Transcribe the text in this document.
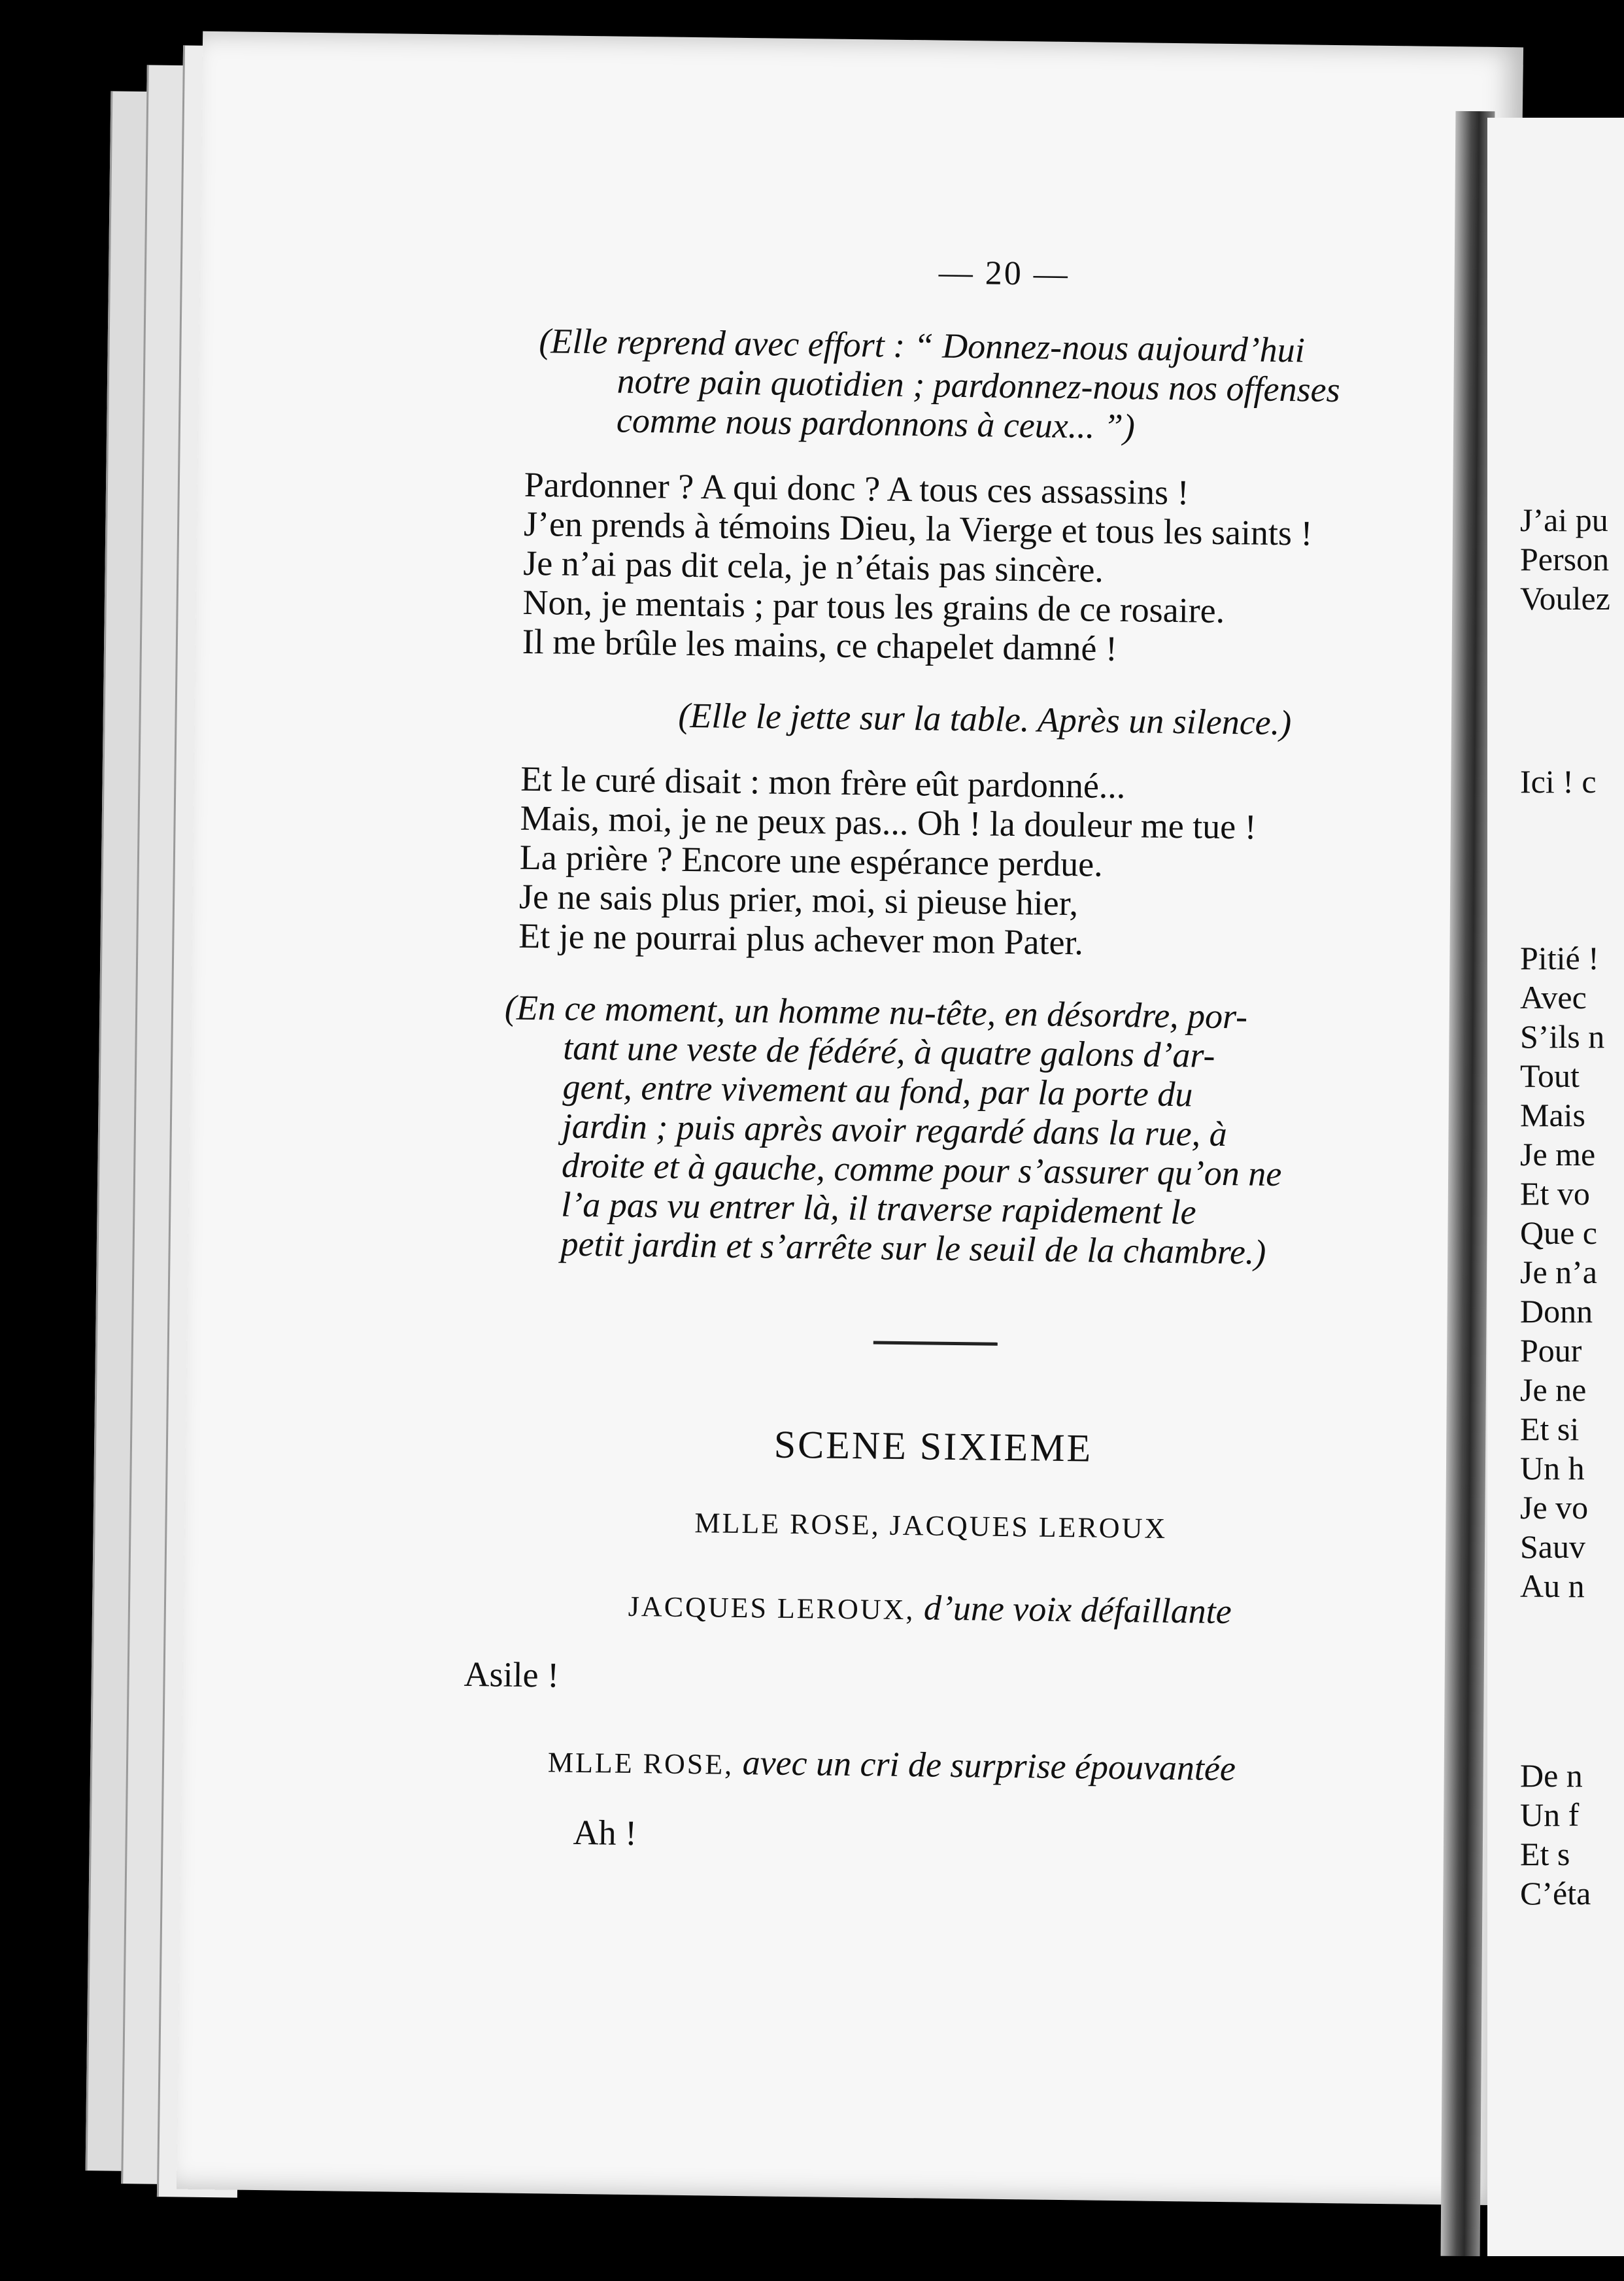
— 20 —
(Elle reprend avec effort : “ Donnez-nous aujourd’hui
notre pain quotidien ; pardonnez-nous nos offenses
comme nous pardonnons à ceux... ”)
Pardonner ? A qui donc ? A tous ces assassins !
J’en prends à témoins Dieu, la Vierge et tous les saints !
Je n’ai pas dit cela, je n’étais pas sincère.
Non, je mentais ; par tous les grains de ce rosaire.
Il me brûle les mains, ce chapelet damné !
(Elle le jette sur la table. Après un silence.)
Et le curé disait : mon frère eût pardonné...
Mais, moi, je ne peux pas... Oh ! la douleur me tue !
La prière ? Encore une espérance perdue.
Je ne sais plus prier, moi, si pieuse hier,
Et je ne pourrai plus achever mon Pater.
(En ce moment, un homme nu-tête, en désordre, por-
tant une veste de fédéré, à quatre galons d’ar-
gent, entre vivement au fond, par la porte du
jardin ; puis après avoir regardé dans la rue, à
droite et à gauche, comme pour s’assurer qu’on ne
l’a pas vu entrer là, il traverse rapidement le
petit jardin et s’arrête sur le seuil de la chambre.)
SCENE SIXIEME
MLLE ROSE, JACQUES LEROUX
JACQUES LEROUX, d’une voix défaillante
Asile !
MLLE ROSE, avec un cri de surprise épouvantée
Ah !
J’ai pu
Person
Voulez
Ici ! c
Pitié !
Avec
S’ils n
Tout
Mais
Je me
Et vo
Que c
Je n’a
Donn
Pour
Je ne
Et si
Un h
Je vo
Sauv
Au n
De n
Un f
Et s
C’éta
